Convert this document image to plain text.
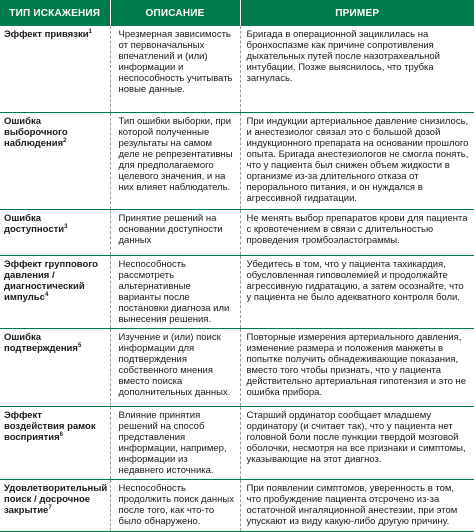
ТИП ИСКАЖЕНИЯ	ОПИСАНИЕ	ПРИМЕР
Эффект привязки$^1$	Чрезмерная зависимость от первоначальных впечатлений и (или) информации и неспособность учитывать новые данные.	Бригада в операционной зациклилась на бронхоспазме как причине сопротивления дыхательных путей после назотрахеальной интубации. Позже выяснилось, что трубка загнулась.
Ошибка выборочного наблюдения$^2$	Тип ошибки выборки, при которой полученные результаты на самом деле не репрезентативны для предполагаемого целевого значения, и на них влияет наблюдатель.	При индукции артериальное давление снизилось, и анестезиолог связал это с большой дозой индукционного препарата на основании прошлого опыта. Бригада анестезиологов не смогла понять, что у пациента был снижен объем жидкости в организме из-за длительного отказа от перорального питания, и он нуждался в агрессивной гидратации.
Ошибка доступности$^3$	Принятие решений на основании доступности данных	Не менять выбор препаратов крови для пациента с кровотечением в связи с длительностью проведения тромбоэластограммы.
Эффект группового давления / диагностический импульс$^4$	Неспособность рассмотреть альтернативные варианты после постановки диагноза или вынесения решения.	Убедитесь в том, что у пациента тахикардия, обусловленная гиповолемией и продолжайте агрессивную гидратацию, а затем осознайте, что у пациента не было адекватного контроля боли.
Ошибка подтверждения$^5$	Изучение и (или) поиск информации для подтверждения собственного мнения вместо поиска дополнительных данных.	Повторные измерения артериального давления, изменение размера и положения манжеты в попытке получить обнадеживающие показания, вместо того чтобы признать, что у пациента действительно артериальная гипотензия и это не ошибка прибора.
Эффект воздействия рамок восприятия$^6$	Влияние принятия решений на способ представления информации, например, информации из недавнего источника.	Старший ординатор сообщает младшему ординатору (и считает так), что у пациента нет головной боли после пункции твердой мозговой оболочки, несмотря на все признаки и симптомы, указывающие на этот диагноз.
Удовлетворительный поиск / досрочное закрытие$^7$	Неспособность продолжить поиск данных после того, как что-то было обнаружено.	При появлении симптомов, уверенность в том, что пробуждение пациента отсрочено из-за остаточной ингаляционной анестезии, при этом упускают из виду какую-либо другую причину.
